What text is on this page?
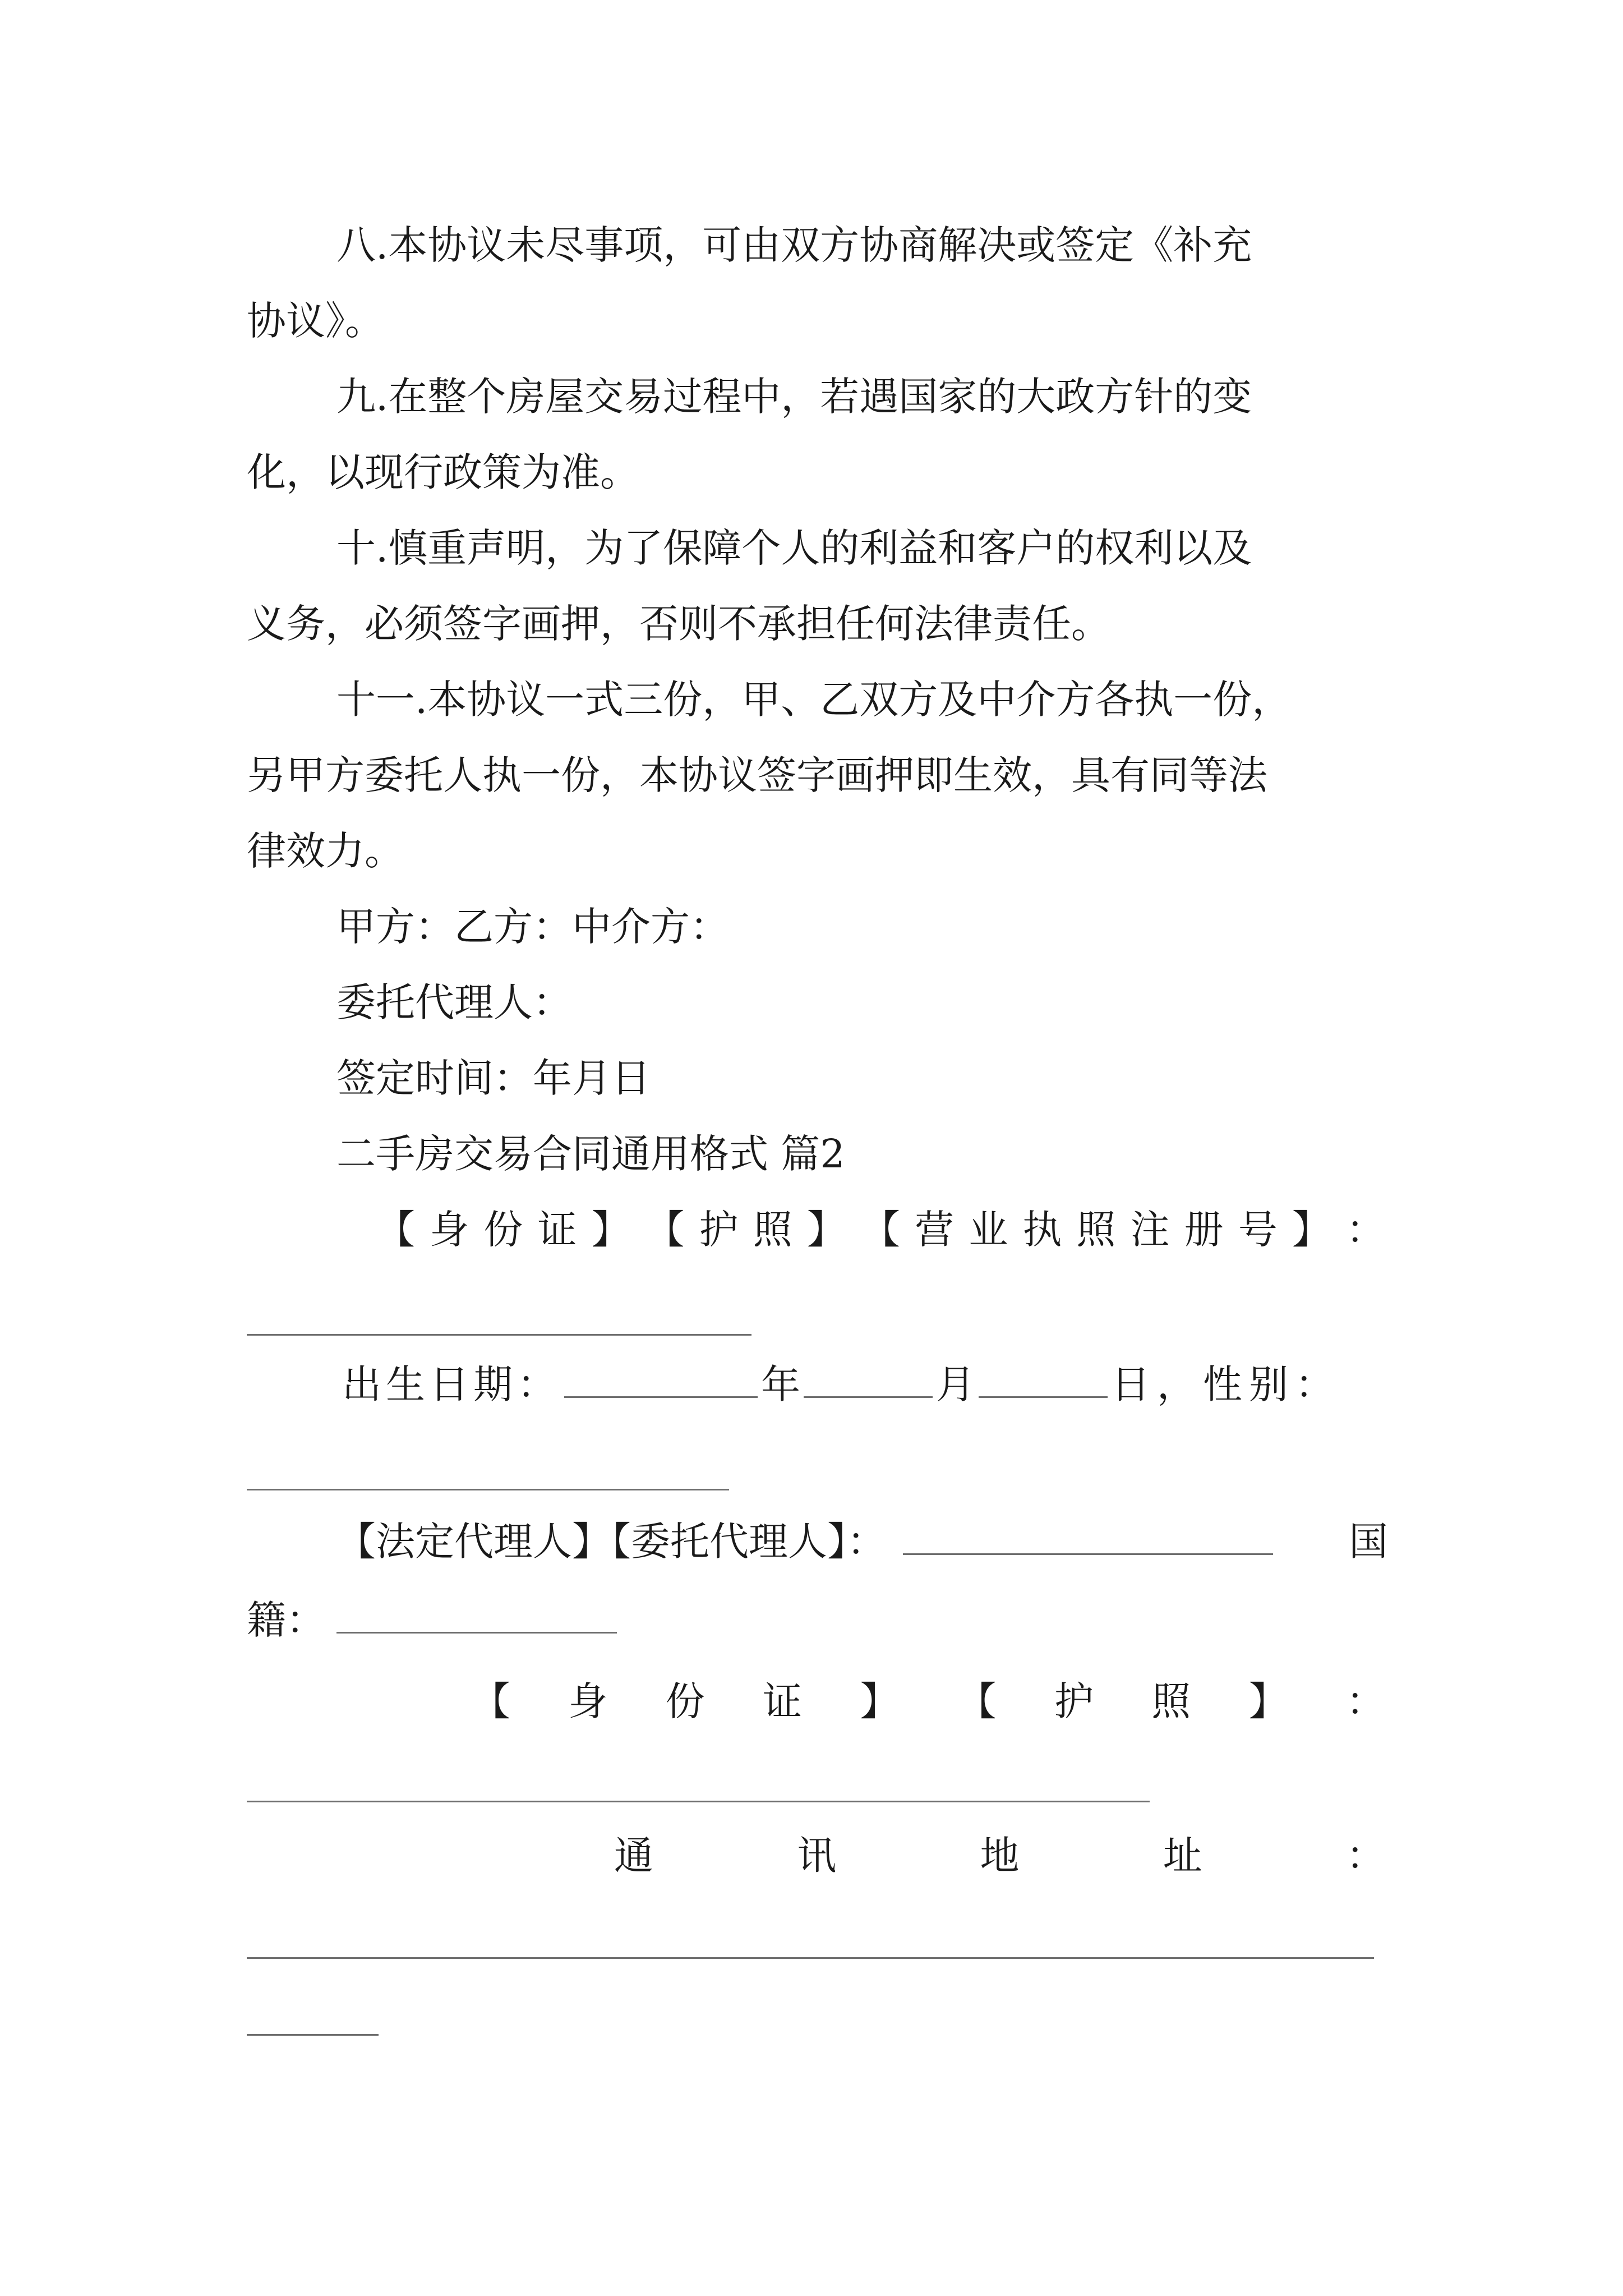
八.本协议未尽事项，可由双方协商解决或签定《补充
协议》。
九.在整个房屋交易过程中，若遇国家的大政方针的变
化，以现行政策为准。
十.慎重声明，为了保障个人的利益和客户的权利以及
义务，必须签字画押，否则不承担任何法律责任。
十一.本协议一式三份，甲、乙双方及中介方各执一份，
另甲方委托人执一份，本协议签字画押即生效，具有同等法
律效力。
甲方：乙方：中介方：
委托代理人：
签定时间：年月日
二手房交易合同通用格式 篇2
【 身 份 证 】 【 护 照 】 【 营 业 执 照 注 册 号 】 ：
出生日期：	年	月	日，性别：
【法定代理人】【委托代理人】：	国
籍：
【 身 份 证 】 【 护 照 】 ：
通	讯	地	址	：
